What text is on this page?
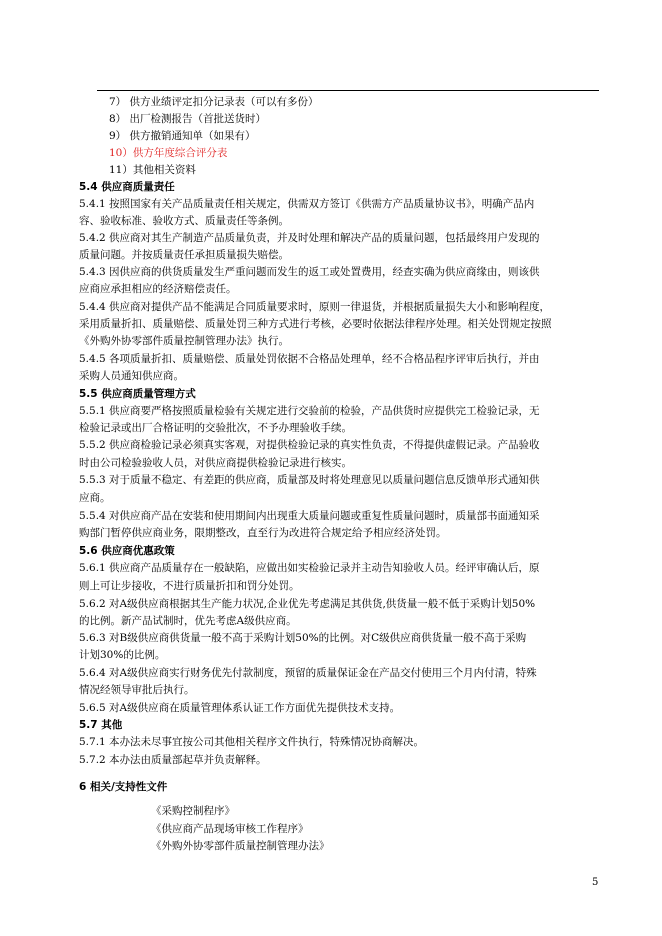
7） 供方业绩评定扣分记录表（可以有多份）
8） 出厂检测报告（首批送货时）
9） 供方撤销通知单（如果有）
10）供方年度综合评分表
11）其他相关资料
5.4 供应商质量责任
5.4.1 按照国家有关产品质量责任相关规定，供需双方签订《供需方产品质量协议书》，明确产品内
容、验收标准、验收方式、质量责任等条例。
5.4.2 供应商对其生产制造产品质量负责，并及时处理和解决产品的质量问题，包括最终用户发现的
质量问题。并按质量责任承担质量损失赔偿。
5.4.3 因供应商的供货质量发生严重问题而发生的返工或处置费用，经查实确为供应商缘由，则该供
应商应承担相应的经济赔偿责任。
5.4.4 供应商对提供产品不能满足合同质量要求时，原则一律退货，并根据质量损失大小和影响程度，
采用质量折扣、质量赔偿、质量处罚三种方式进行考核，必要时依据法律程序处理。相关处罚规定按照
《外购外协零部件质量控制管理办法》执行。
5.4.5 各项质量折扣、质量赔偿、质量处罚依据不合格品处理单，经不合格品程序评审后执行，并由
采购人员通知供应商。
5.5 供应商质量管理方式
5.5.1 供应商要严格按照质量检验有关规定进行交验前的检验，产品供货时应提供完工检验记录，无
检验记录或出厂合格证明的交验批次，不予办理验收手续。
5.5.2 供应商检验记录必须真实客观，对提供检验记录的真实性负责，不得提供虚假记录。产品验收
时由公司检验验收人员，对供应商提供检验记录进行核实。
5.5.3 对于质量不稳定、有差距的供应商，质量部及时将处理意见以质量问题信息反馈单形式通知供
应商。
5.5.4 对供应商产品在安装和使用期间内出现重大质量问题或重复性质量问题时，质量部书面通知采
购部门暂停供应商业务，限期整改，直至行为改进符合规定给予相应经济处罚。
5.6 供应商优惠政策
5.6.1 供应商产品质量存在一般缺陷，应做出如实检验记录并主动告知验收人员。经评审确认后，原
则上可让步接收，不进行质量折扣和罚分处罚。
5.6.2 对A级供应商根据其生产能力状况,企业优先考虑满足其供货,供货量一般不低于采购计划50%
的比例。新产品试制时，优先考虑A级供应商。
5.6.3 对B级供应商供货量一般不高于采购计划50%的比例。对C级供应商供货量一般不高于采购
计划30%的比例。
5.6.4 对A级供应商实行财务优先付款制度，预留的质量保证金在产品交付使用三个月内付清，特殊
情况经领导审批后执行。
5.6.5 对A级供应商在质量管理体系认证工作方面优先提供技术支持。
5.7 其他
5.7.1 本办法未尽事宜按公司其他相关程序文件执行，特殊情况协商解决。
5.7.2 本办法由质量部起草并负责解释。
6 相关/支持性文件
《采购控制程序》
《供应商产品现场审核工作程序》
《外购外协零部件质量控制管理办法》
5
